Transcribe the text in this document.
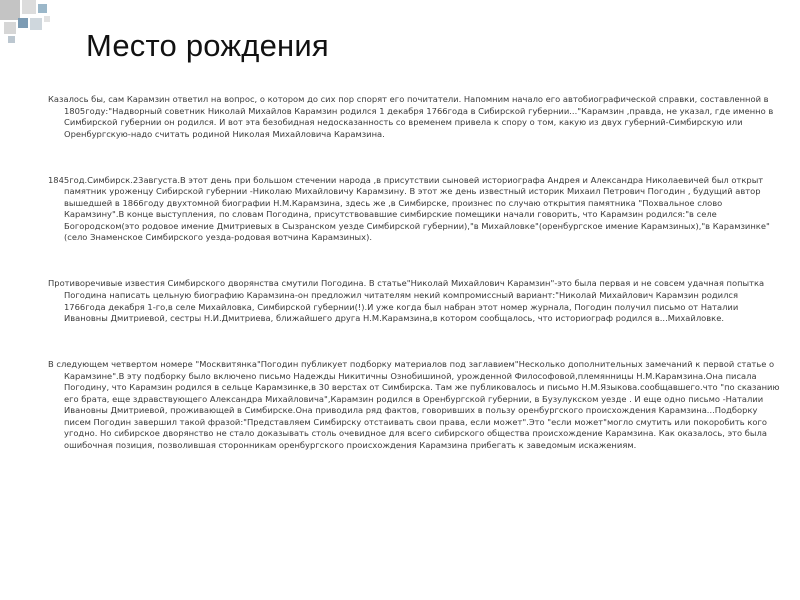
Место рождения

Казалось бы, сам Карамзин ответил на вопрос, о котором до сих пор спорят его почитатели. Напомним начало его автобиографической справки, составленной в 1805году:"Надворный советник Николай Михайлов Карамзин родился 1 декабря 1766года в Сибирской губернии..."Карамзин ,правда, не указал, где именно в Симбирской губернии он родился. И вот эта безобидная недосказанность со временем привела к спору о том, какую из двух губерний-Симбирскую или Оренбургскую-надо считать родиной Николая Михайловича Карамзина.

1845год.Симбирск.23августа.В этот день при большом стечении народа ,в присутствии сыновей историографа Андрея и Александра Николаевичей был открыт памятник уроженцу Сибирской губернии -Николаю Михайловичу Карамзину. В этот же день известный историк Михаил Петрович Погодин , будущий автор вышедшей в 1866году двухтомной биографии Н.М.Карамзина, здесь же ,в Симбирске, произнес по случаю открытия памятника "Похвальное слово Карамзину".В конце выступления, по словам Погодина, присутствовавшие симбирские помещики начали говорить, что Карамзин родился:"в селе Богородском(это родовое имение Дмитриевых в Сызранском уезде Симбирской губернии),"в Михайловке"(оренбургское имение Карамзиных),"в Карамзинке"(село Знаменское Симбирского уезда-родовая вотчина Карамзиных).

Противоречивые известия Симбирского дворянства смутили Погодина. В статье"Николай Михайлович Карамзин"-это была первая и не совсем удачная попытка Погодина написать цельную биографию Карамзина-он предложил читателям некий компромиссный вариант:"Николай Михайлович Карамзин родился 1766года декабря 1-го,в селе Михайловка, Симбирской губернии(!).И уже когда был набран этот номер журнала, Погодин получил письмо от Наталии Ивановны Дмитриевой, сестры Н.И.Дмитриева, ближайшего друга Н.М.Карамзина,в котором сообщалось, что историограф родился в...Михайловке.

В следующем четвертом номере "Москвитянка"Погодин публикует подборку материалов под заглавием"Несколько дополнительных замечаний к первой статье о Карамзине".В эту подборку было включено письмо Надежды Никитичны Ознобишиной, урожденной Философовой,племянницы Н.М.Карамзина.Она писала Погодину, что Карамзин родился в сельце Карамзинке,в 30 верстах от Симбирска. Там же публиковалось и письмо Н.М.Языкова.сообщавшего.что "по сказанию его брата, еще здравствующего Александра Михайловича",Карамзин родился в Оренбургской губернии, в Бузулукском уезде . И еще одно письмо -Наталии Ивановны Дмитриевой, проживающей в Симбирске.Она приводила ряд фактов, говоривших в пользу оренбургского происхождения Карамзина...Подборку писем Погодин завершил такой фразой:"Представляем Симбирску отстаивать свои права, если может".Это "если может"могло смутить или покоробить кого угодно. Но сибирское дворянство не стало доказывать столь очевидное для всего сибирского общества происхождение Карамзина. Как оказалось, это была ошибочная позиция, позволившая сторонникам оренбургского происхождения Карамзина прибегать к заведомым искажениям.
